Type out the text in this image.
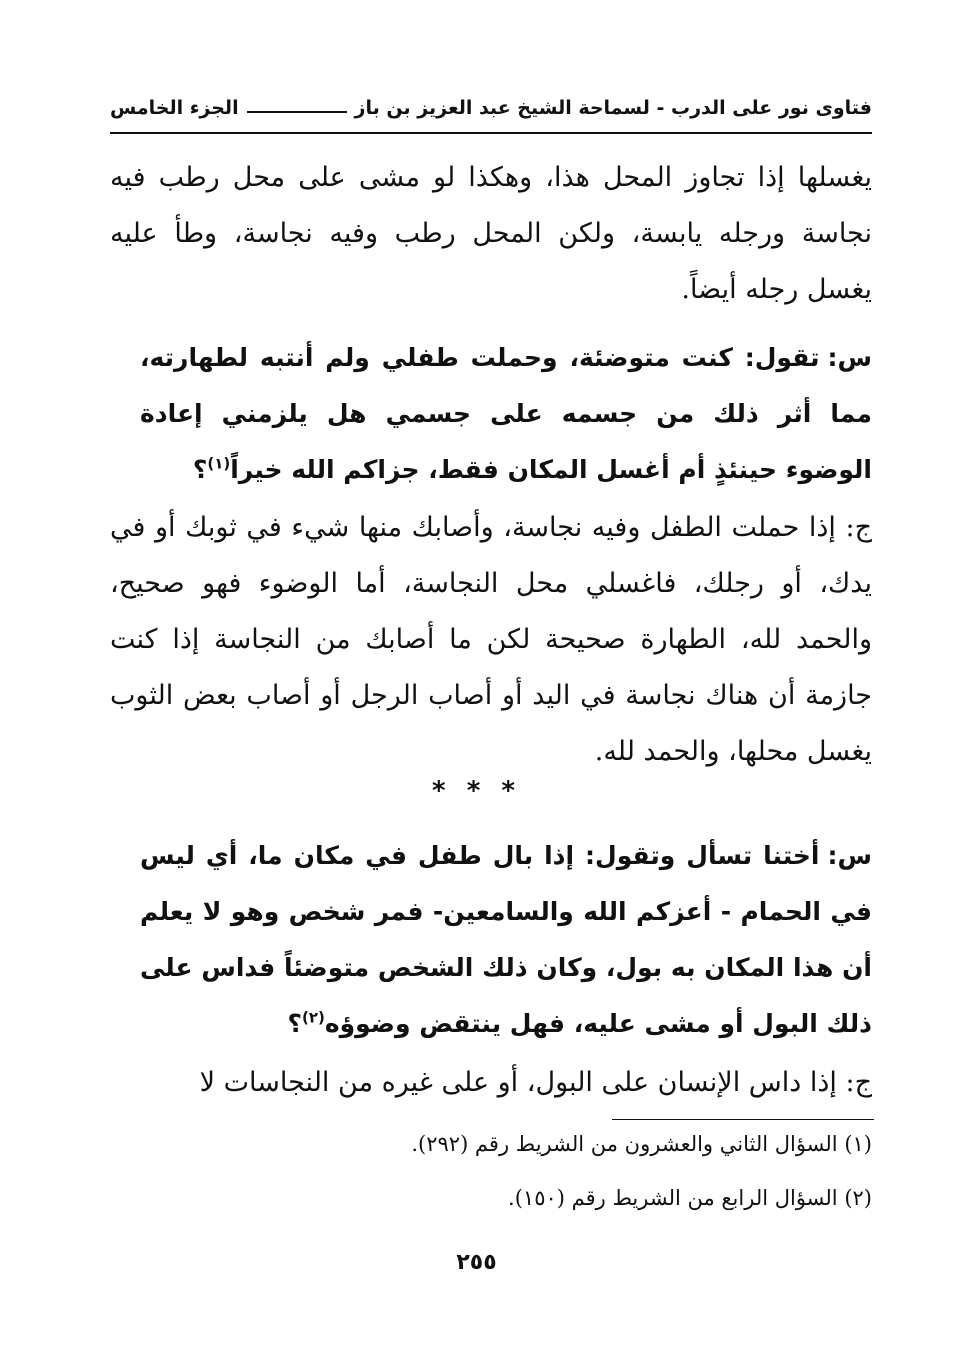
فتاوى نور على الدرب - لسماحة الشيخ عبد العزيز بن باز
الجزء الخامس
يغسلها إذا تجاوز المحل هذا، وهكذا لو مشى على محل رطب فيه نجاسة ورجله يابسة، ولكن المحل رطب وفيه نجاسة، وطأ عليه يغسل رجله أيضاً.
س:تقول: كنت متوضئة، وحملت طفلي ولم أنتبه لطهارته، مما أثر ذلك من جسمه على جسمي هل يلزمني إعادة الوضوء حينئذٍ أم أغسل المكان فقط، جزاكم الله خيراً$^{(١)}$؟
ج: إذا حملت الطفل وفيه نجاسة، وأصابك منها شيء في ثوبك أو في يدك، أو رجلك، فاغسلي محل النجاسة، أما الوضوء فهو صحيح، والحمد لله، الطهارة صحيحة لكن ما أصابك من النجاسة إذا كنت جازمة أن هناك نجاسة في اليد أو أصاب الرجل أو أصاب بعض الثوب يغسل محلها، والحمد لله.
* * *
س:أختنا تسأل وتقول: إذا بال طفل في مكان ما، أي ليس في الحمام - أعزكم الله والسامعين- فمر شخص وهو لا يعلم أن هذا المكان به بول، وكان ذلك الشخص متوضئاً فداس على ذلك البول أو مشى عليه، فهل ينتقض وضوؤه$^{(٢)}$؟
ج: إذا داس الإنسان على البول، أو على غيره من النجاسات لا
(١) السؤال الثاني والعشرون من الشريط رقم (٢٩٢).
(٢) السؤال الرابع من الشريط رقم (١٥٠).
٢٥٥
